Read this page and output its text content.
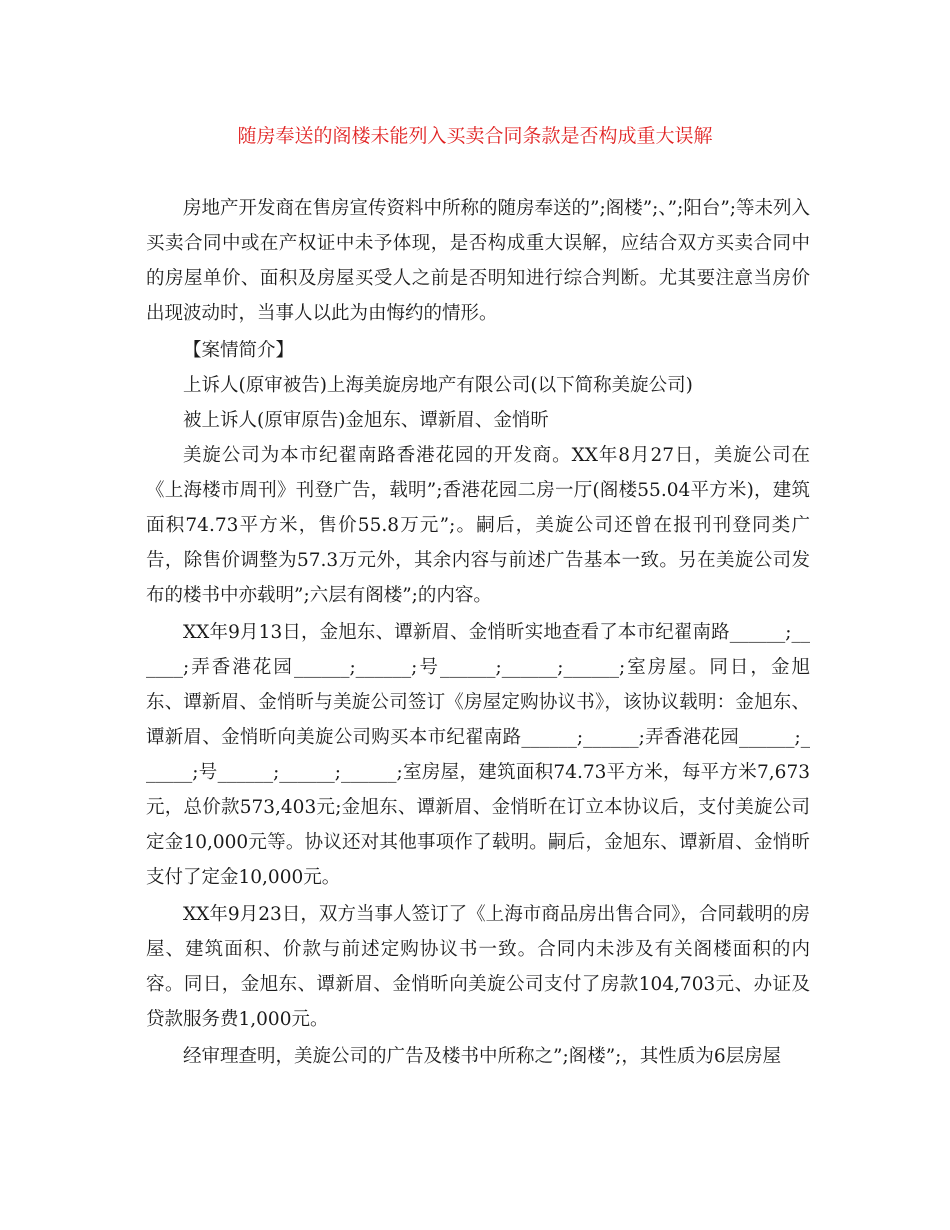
随房奉送的阁楼未能列入买卖合同条款是否构成重大误解

房地产开发商在售房宣传资料中所称的随房奉送的”;阁楼”;、”;阳台”;等未列入买卖合同中或在产权证中未予体现，是否构成重大误解，应结合双方买卖合同中的房屋单价、面积及房屋买受人之前是否明知进行综合判断。尤其要注意当房价出现波动时，当事人以此为由悔约的情形。

【案情简介】

上诉人(原审被告)上海美旋房地产有限公司(以下简称美旋公司)

被上诉人(原审原告)金旭东、谭新眉、金悄昕

美旋公司为本市纪翟南路香港花园的开发商。XX年8月27日，美旋公司在《上海楼市周刊》刊登广告，载明”;香港花园二房一厅(阁楼55.04平方米)，建筑面积74.73平方米，售价55.8万元”;。嗣后，美旋公司还曾在报刊刊登同类广告，除售价调整为57.3万元外，其余内容与前述广告基本一致。另在美旋公司发布的楼书中亦载明”;六层有阁楼”;的内容。

XX年9月13日，金旭东、谭新眉、金悄昕实地查看了本市纪翟南路______;______;弄香港花园______;______;号______;______;______;室房屋。同日，金旭东、谭新眉、金悄昕与美旋公司签订《房屋定购协议书》，该协议载明：金旭东、谭新眉、金悄昕向美旋公司购买本市纪翟南路______;______;弄香港花园______;______;号______;______;______;室房屋，建筑面积74.73平方米，每平方米7,673元，总价款573,403元;金旭东、谭新眉、金悄昕在订立本协议后，支付美旋公司定金10,000元等。协议还对其他事项作了载明。嗣后，金旭东、谭新眉、金悄昕支付了定金10,000元。

XX年9月23日，双方当事人签订了《上海市商品房出售合同》，合同载明的房屋、建筑面积、价款与前述定购协议书一致。合同内未涉及有关阁楼面积的内容。同日，金旭东、谭新眉、金悄昕向美旋公司支付了房款104,703元、办证及贷款服务费1,000元。

经审理查明，美旋公司的广告及楼书中所称之”;阁楼”;，其性质为6层房屋
